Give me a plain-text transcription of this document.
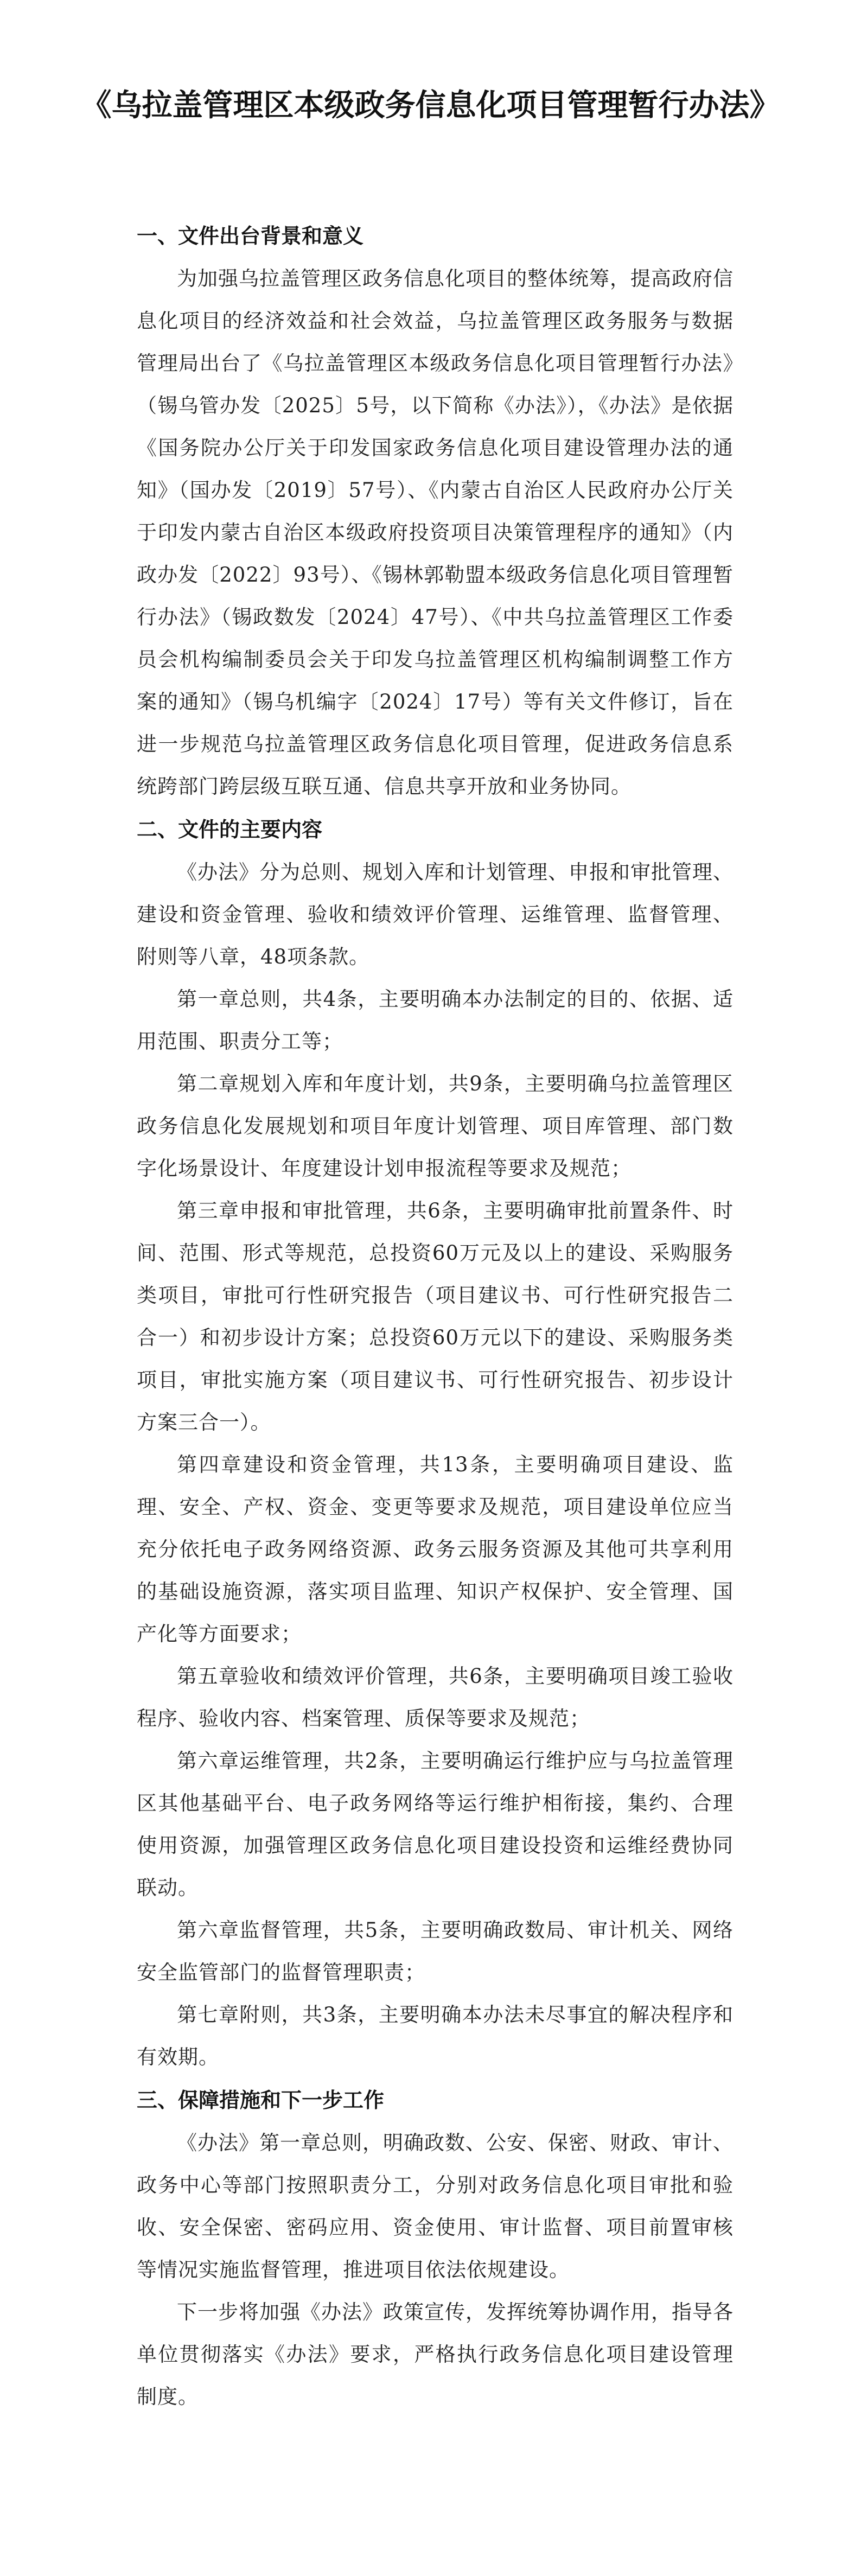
《乌拉盖管理区本级政务信息化项目管理暂行办法》
一、文件出台背景和意义

为加强乌拉盖管理区政务信息化项目的整体统筹，提高政府信息化项目的经济效益和社会效益，乌拉盖管理区政务服务与数据管理局出台了《乌拉盖管理区本级政务信息化项目管理暂行办法》（锡乌管办发〔2025〕5号，以下简称《办法》），《办法》是依据《国务院办公厅关于印发国家政务信息化项目建设管理办法的通知》（国办发〔2019〕57号）、《内蒙古自治区人民政府办公厅关于印发内蒙古自治区本级政府投资项目决策管理程序的通知》（内政办发〔2022〕93号）、《锡林郭勒盟本级政务信息化项目管理暂行办法》（锡政数发〔2024〕47号）、《中共乌拉盖管理区工作委员会机构编制委员会关于印发乌拉盖管理区机构编制调整工作方案的通知》（锡乌机编字〔2024〕17号）等有关文件修订，旨在进一步规范乌拉盖管理区政务信息化项目管理，促进政务信息系统跨部门跨层级互联互通、信息共享开放和业务协同。

二、文件的主要内容

《办法》分为总则、规划入库和计划管理、申报和审批管理、建设和资金管理、验收和绩效评价管理、运维管理、监督管理、附则等八章，48项条款。

第一章总则，共4条，主要明确本办法制定的目的、依据、适用范围、职责分工等；

第二章规划入库和年度计划，共9条，主要明确乌拉盖管理区政务信息化发展规划和项目年度计划管理、项目库管理、部门数字化场景设计、年度建设计划申报流程等要求及规范；

第三章申报和审批管理，共6条，主要明确审批前置条件、时间、范围、形式等规范，总投资60万元及以上的建设、采购服务类项目，审批可行性研究报告（项目建议书、可行性研究报告二合一）和初步设计方案；总投资60万元以下的建设、采购服务类项目，审批实施方案（项目建议书、可行性研究报告、初步设计方案三合一）。

第四章建设和资金管理，共13条，主要明确项目建设、监理、安全、产权、资金、变更等要求及规范，项目建设单位应当充分依托电子政务网络资源、政务云服务资源及其他可共享利用的基础设施资源，落实项目监理、知识产权保护、安全管理、国产化等方面要求；

第五章验收和绩效评价管理，共6条，主要明确项目竣工验收程序、验收内容、档案管理、质保等要求及规范；

第六章运维管理，共2条，主要明确运行维护应与乌拉盖管理区其他基础平台、电子政务网络等运行维护相衔接，集约、合理使用资源，加强管理区政务信息化项目建设投资和运维经费协同联动。

第六章监督管理，共5条，主要明确政数局、审计机关、网络安全监管部门的监督管理职责；

第七章附则，共3条，主要明确本办法未尽事宜的解决程序和有效期。

三、保障措施和下一步工作

《办法》第一章总则，明确政数、公安、保密、财政、审计、政务中心等部门按照职责分工，分别对政务信息化项目审批和验收、安全保密、密码应用、资金使用、审计监督、项目前置审核等情况实施监督管理，推进项目依法依规建设。

下一步将加强《办法》政策宣传，发挥统筹协调作用，指导各单位贯彻落实《办法》要求，严格执行政务信息化项目建设管理制度。
